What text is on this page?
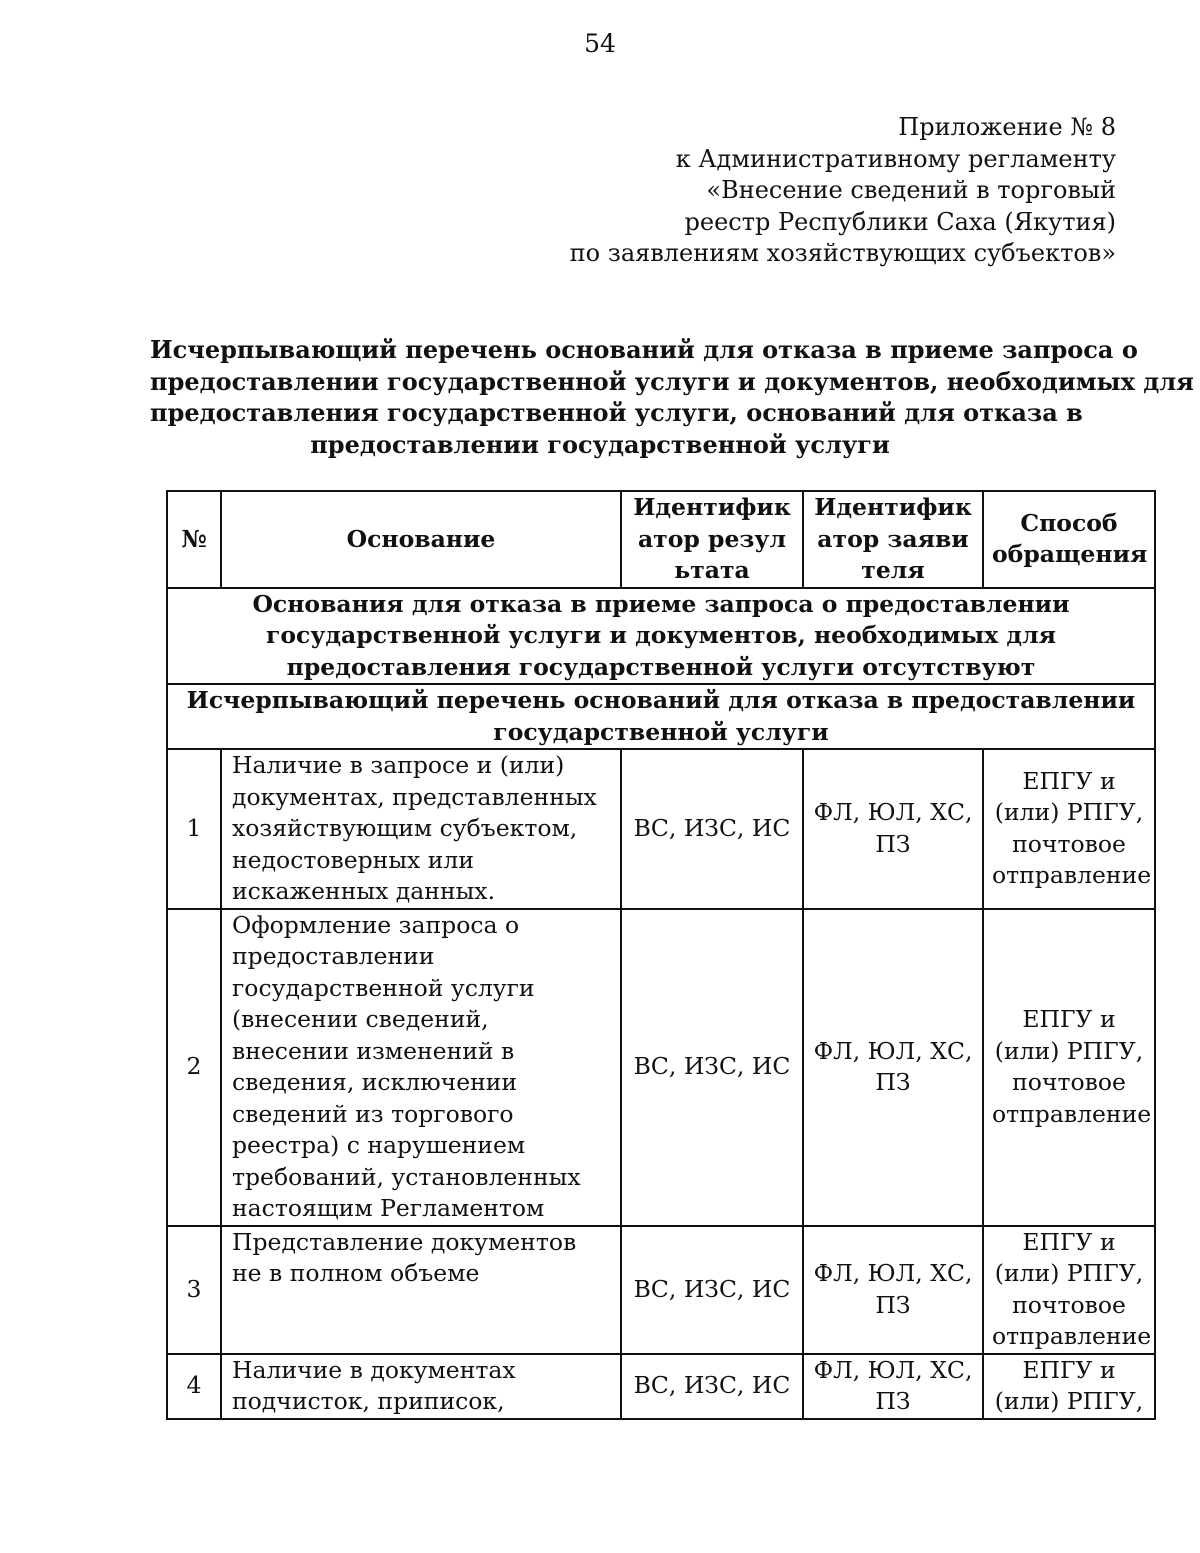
54
Приложение № 8
к Административному регламенту
«Внесение сведений в торговый
реестр Республики Саха (Якутия)
по заявлениям хозяйствующих субъектов»
Исчерпывающий перечень оснований для отказа в приеме запроса о
предоставлении государственной услуги и документов, необходимых для
предоставления государственной услуги, оснований для отказа в
предоставлении государственной услуги
№	Основание	Идентификатор результата	Идентификатор заявителя	Способ обращения
Основания для отказа в приеме запроса о предоставлении государственной услуги и документов, необходимых для предоставления государственной услуги отсутствуют				
Исчерпывающий перечень оснований для отказа в предоставлении государственной услуги				
1	Наличие в запросе и (или) документах, представленных хозяйствующим субъектом, недостоверных или искаженных данных.	ВС, ИЗС, ИС	ФЛ, ЮЛ, ХС, ПЗ	ЕПГУ и (или) РПГУ, почтовое отправление
2	Оформление запроса о предоставлении государственной услуги (внесении сведений, внесении изменений в сведения, исключении сведений из торгового реестра) с нарушением требований, установленных настоящим Регламентом	ВС, ИЗС, ИС	ФЛ, ЮЛ, ХС, ПЗ	ЕПГУ и (или) РПГУ, почтовое отправление
3	Представление документов не в полном объеме	ВС, ИЗС, ИС	ФЛ, ЮЛ, ХС, ПЗ	ЕПГУ и (или) РПГУ, почтовое отправление
4	Наличие в документах подчисток, приписок,	ВС, ИЗС, ИС	ФЛ, ЮЛ, ХС, ПЗ	ЕПГУ и (или) РПГУ,
